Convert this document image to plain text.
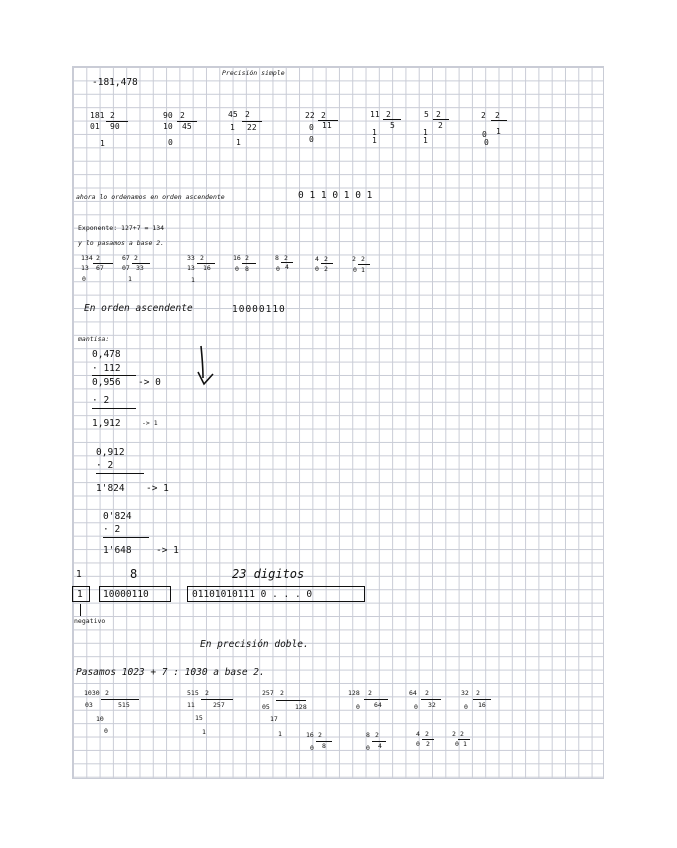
-181,478
Precisión simple
181 2
01 90
1
90 2
10 45
0
45 2
1 22
1
22 2
0 11
0
11 2
1
5
1
5 2
1
2
1
2 2
0 1
0
ahora lo ordenamos en orden ascendente	0 1 1 0 1 0 1
Exponente: 127+7 = 134
y lo pasamos a base 2.
134 2
13 67
0
67 2
07 33
1
33 2
13 16
1
16 2
0 8
8 2
0 4
4 2
0 2
2 2
0 1
En orden ascendente	10000110
mantisa:
0,478
· 112
0,956 -> 0
· 2
1,912	-> 1
0,912
· 2
1'824 -> 1
0'824
· 2
1'648	-> 1
1	8	23 digitos
1 10000110	01101010111 0 . . . 0
negativo
En precisión doble.
Pasamos 1023 + 7 : 1030 a base 2.
1030 2
03	515
10
0
515 2
11	257
15
1
257 2
05	128
17
1
128 2
0 64
64 2
0 32
32 2
0 16
16 2
0 8
8 2
0 4
4 2
0 2
2 2
0 1
